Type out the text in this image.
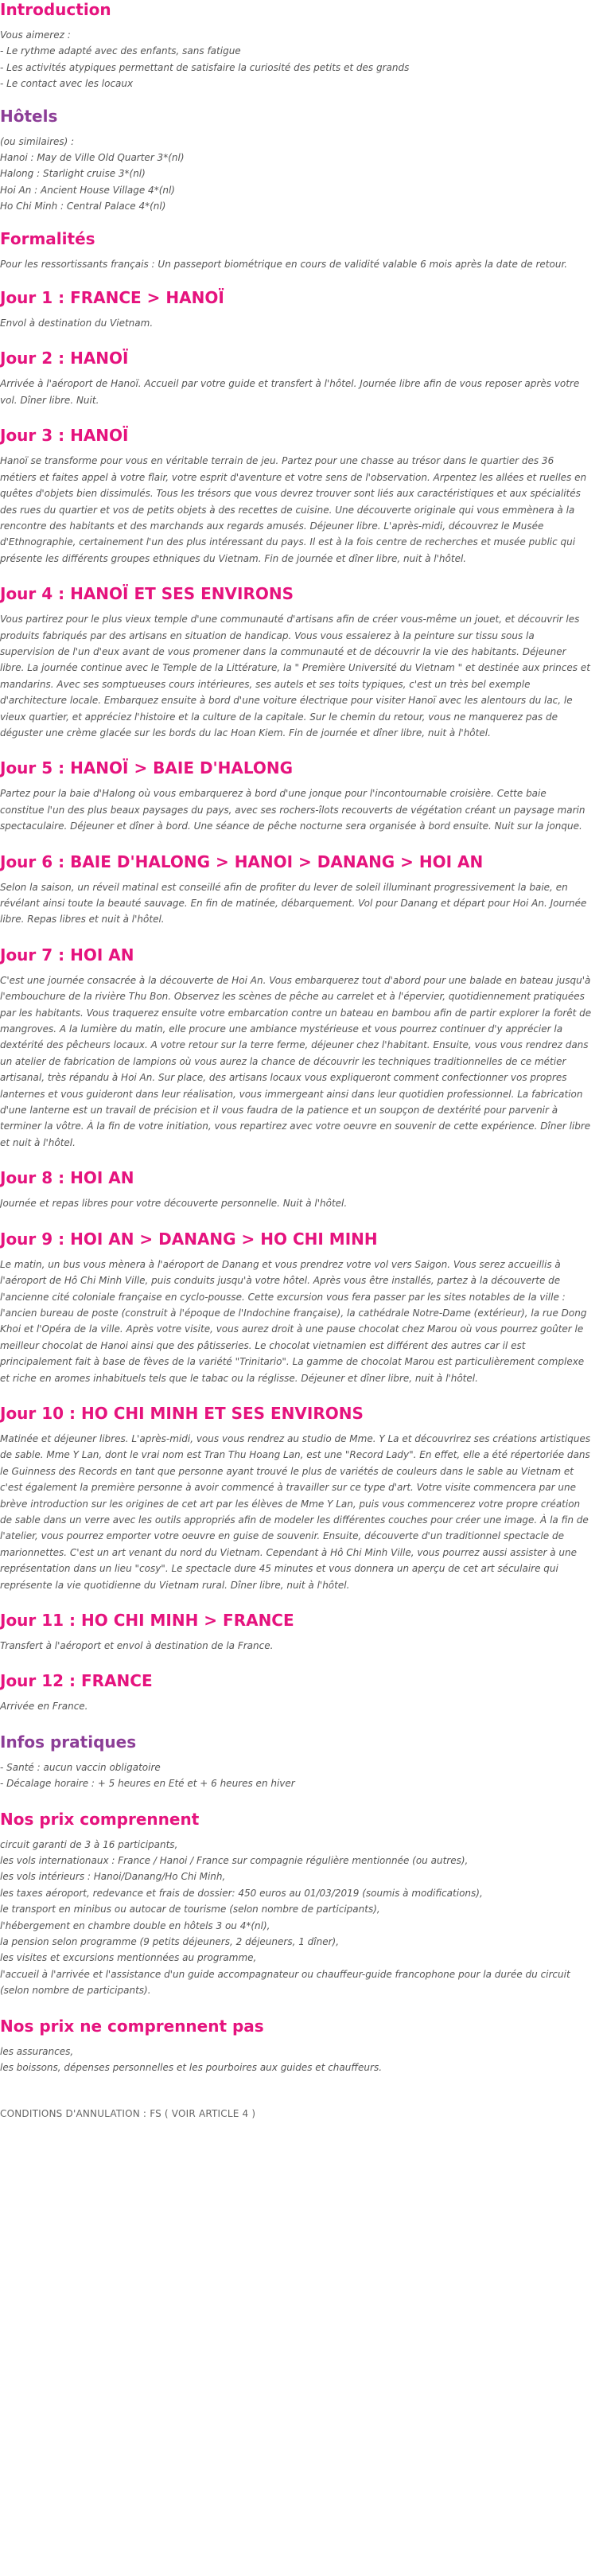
Introduction

Vous aimerez :

- Le rythme adapté avec des enfants, sans fatigue
- Les activités atypiques permettant de satisfaire la curiosité des petits et des grands
- Le contact avec les locaux
Hôtels

(ou similaires) :

Hanoi : May de Ville Old Quarter 3*(nl)
Halong : Starlight cruise 3*(nl)
Hoi An : Ancient House Village 4*(nl)
Ho Chi Minh : Central Palace 4*(nl)
Formalités

Pour les ressortissants français : Un passeport biométrique en cours de validité valable 6 mois après la date de retour.

Jour 1 : FRANCE > HANOÏ

Envol à destination du Vietnam.

Jour 2 : HANOÏ

Arrivée à l'aéroport de Hanoï. Accueil par votre guide et transfert à l'hôtel. Journée libre afin de vous reposer après votre vol. Dîner libre. Nuit.

Jour 3 : HANOÏ

Hanoï se transforme pour vous en véritable terrain de jeu. Partez pour une chasse au trésor dans le quartier des 36 métiers et faites appel à votre flair, votre esprit d'aventure et votre sens de l'observation. Arpentez les allées et ruelles en quêtes d'objets bien dissimulés. Tous les trésors que vous devrez trouver sont liés aux caractéristiques et aux spécialités des rues du quartier et vos de petits objets à des recettes de cuisine. Une découverte originale qui vous emmènera à la rencontre des habitants et des marchands aux regards amusés. Déjeuner libre. L'après-midi, découvrez le Musée d'Ethnographie, certainement l'un des plus intéressant du pays. Il est à la fois centre de recherches et musée public qui présente les différents groupes ethniques du Vietnam. Fin de journée et dîner libre, nuit à l'hôtel.

Jour 4 : HANOÏ ET SES ENVIRONS

Vous partirez pour le plus vieux temple d'une communauté d'artisans afin de créer vous-même un jouet, et découvrir les produits fabriqués par des artisans en situation de handicap. Vous vous essaierez à la peinture sur tissu sous la supervision de l'un d'eux avant de vous promener dans la communauté et de découvrir la vie des habitants. Déjeuner libre. La journée continue avec le Temple de la Littérature, la " Première Université du Vietnam " et destinée aux princes et mandarins. Avec ses somptueuses cours intérieures, ses autels et ses toits typiques, c'est un très bel exemple d'architecture locale. Embarquez ensuite à bord d'une voiture électrique pour visiter Hanoï avec les alentours du lac, le vieux quartier, et appréciez l'histoire et la culture de la capitale. Sur le chemin du retour, vous ne manquerez pas de déguster une crème glacée sur les bords du lac Hoan Kiem. Fin de journée et dîner libre, nuit à l'hôtel.

Jour 5 : HANOÏ > BAIE D'HALONG

Partez pour la baie d'Halong où vous embarquerez à bord d'une jonque pour l'incontournable croisière. Cette baie constitue l'un des plus beaux paysages du pays, avec ses rochers-îlots recouverts de végétation créant un paysage marin spectaculaire. Déjeuner et dîner à bord. Une séance de pêche nocturne sera organisée à bord ensuite. Nuit sur la jonque.

Jour 6 : BAIE D'HALONG > HANOI > DANANG > HOI AN

Selon la saison, un réveil matinal est conseillé afin de profiter du lever de soleil illuminant progressivement la baie, en révélant ainsi toute la beauté sauvage. En fin de matinée, débarquement. Vol pour Danang et départ pour Hoi An. Journée libre. Repas libres et nuit à l'hôtel.

Jour 7 : HOI AN

C'est une journée consacrée à la découverte de Hoi An. Vous embarquerez tout d'abord pour une balade en bateau jusqu'à l'embouchure de la rivière Thu Bon. Observez les scènes de pêche au carrelet et à l'épervier, quotidiennement pratiquées par les habitants. Vous traquerez ensuite votre embarcation contre un bateau en bambou afin de partir explorer la forêt de mangroves. A la lumière du matin, elle procure une ambiance mystérieuse et vous pourrez continuer d'y apprécier la dextérité des pêcheurs locaux. A votre retour sur la terre ferme, déjeuner chez l'habitant. Ensuite, vous vous rendrez dans un atelier de fabrication de lampions où vous aurez la chance de découvrir les techniques traditionnelles de ce métier artisanal, très répandu à Hoi An. Sur place, des artisans locaux vous expliqueront comment confectionner vos propres lanternes et vous guideront dans leur réalisation, vous immergeant ainsi dans leur quotidien professionnel. La fabrication d'une lanterne est un travail de précision et il vous faudra de la patience et un soupçon de dextérité pour parvenir à terminer la vôtre. À la fin de votre initiation, vous repartirez avec votre oeuvre en souvenir de cette expérience. Dîner libre et nuit à l'hôtel.

Jour 8 : HOI AN

Journée et repas libres pour votre découverte personnelle. Nuit à l'hôtel.

Jour 9 : HOI AN > DANANG > HO CHI MINH

Le matin, un bus vous mènera à l'aéroport de Danang et vous prendrez votre vol vers Saigon. Vous serez accueillis à l'aéroport de Hô Chi Minh Ville, puis conduits jusqu'à votre hôtel. Après vous être installés, partez à la découverte de l'ancienne cité coloniale française en cyclo-pousse. Cette excursion vous fera passer par les sites notables de la ville : l'ancien bureau de poste (construit à l'époque de l'Indochine française), la cathédrale Notre-Dame (extérieur), la rue Dong Khoi et l'Opéra de la ville. Après votre visite, vous aurez droit à une pause chocolat chez Marou où vous pourrez goûter le meilleur chocolat de Hanoi ainsi que des pâtisseries. Le chocolat vietnamien est différent des autres car il est principalement fait à base de fèves de la variété "Trinitario". La gamme de chocolat Marou est particulièrement complexe et riche en aromes inhabituels tels que le tabac ou la réglisse. Déjeuner et dîner libre, nuit à l'hôtel.

Jour 10 : HO CHI MINH ET SES ENVIRONS

Matinée et déjeuner libres. L'après-midi, vous vous rendrez au studio de Mme. Y La et découvrirez ses créations artistiques de sable. Mme Y Lan, dont le vrai nom est Tran Thu Hoang Lan, est une "Record Lady". En effet, elle a été répertoriée dans le Guinness des Records en tant que personne ayant trouvé le plus de variétés de couleurs dans le sable au Vietnam et c'est également la première personne à avoir commencé à travailler sur ce type d'art. Votre visite commencera par une brève introduction sur les origines de cet art par les élèves de Mme Y Lan, puis vous commencerez votre propre création de sable dans un verre avec les outils appropriés afin de modeler les différentes couches pour créer une image. À la fin de l'atelier, vous pourrez emporter votre oeuvre en guise de souvenir. Ensuite, découverte d'un traditionnel spectacle de marionnettes. C'est un art venant du nord du Vietnam. Cependant à Hô Chi Minh Ville, vous pourrez aussi assister à une représentation dans un lieu "cosy". Le spectacle dure 45 minutes et vous donnera un aperçu de cet art séculaire qui représente la vie quotidienne du Vietnam rural. Dîner libre, nuit à l'hôtel.

Jour 11 : HO CHI MINH > FRANCE

Transfert à l'aéroport et envol à destination de la France.

Jour 12 : FRANCE

Arrivée en France.

Infos pratiques
- Santé : aucun vaccin obligatoire
- Décalage horaire : + 5 heures en Eté et + 6 heures en hiver
Nos prix comprennent
circuit garanti de 3 à 16 participants,
les vols internationaux : France / Hanoi / France sur compagnie régulière mentionnée (ou autres),
les vols intérieurs : Hanoi/Danang/Ho Chi Minh,
les taxes aéroport, redevance et frais de dossier: 450 euros au 01/03/2019 (soumis à modifications),
le transport en minibus ou autocar de tourisme (selon nombre de participants),
l'hébergement en chambre double en hôtels 3 ou 4*(nl),
la pension selon programme (9 petits déjeuners, 2 déjeuners, 1 dîner),
les visites et excursions mentionnées au programme,
l'accueil à l'arrivée et l'assistance d'un guide accompagnateur ou chauffeur-guide francophone pour la durée du circuit (selon nombre de participants).
Nos prix ne comprennent pas
les assurances,
les boissons, dépenses personnelles et les pourboires aux guides et chauffeurs.

CONDITIONS D'ANNULATION : FS ( VOIR ARTICLE 4 )
